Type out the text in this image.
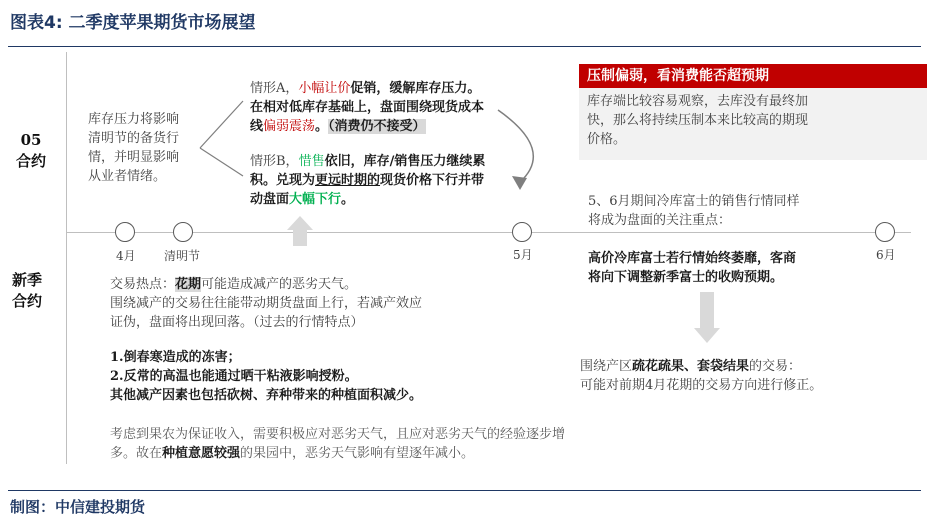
图表4: 二季度苹果期货市场展望
05
合约
新季
合约
4月 清明节	5月	6月
库存压力将影响
清明节的备货行
情，并明显影响
从业者情绪。
情形A，小幅让价促销，缓解库存压力。
在相对低库存基础上，盘面围绕现货成本
线偏弱震荡。（消费仍不接受）
情形B，惜售依旧，库存/销售压力继续累
积。兑现为更远时期的现货价格下行并带
动盘面大幅下行。
压制偏弱，看消费能否超预期
库存端比较容易观察，去库没有最终加
快，那么将持续压制本来比较高的期现
价格。
5、6月期间冷库富士的销售行情同样
将成为盘面的关注重点：
高价冷库富士若行情始终萎靡，客商
将向下调整新季富士的收购预期。
交易热点：花期可能造成减产的恶劣天气。
围绕减产的交易往往能带动期货盘面上行，若减产效应
证伪，盘面将出现回落。（过去的行情特点）
1.倒春寒造成的冻害；
2.反常的高温也能通过晒干粘液影响授粉。
其他减产因素也包括砍树、弃种带来的种植面积减少。
考虑到果农为保证收入，需要积极应对恶劣天气，且应对恶劣天气的经验逐步增
多。故在种植意愿较强的果园中，恶劣天气影响有望逐年减小。
围绕产区疏花疏果、套袋结果的交易：
可能对前期4月花期的交易方向进行修正。
制图：中信建投期货
